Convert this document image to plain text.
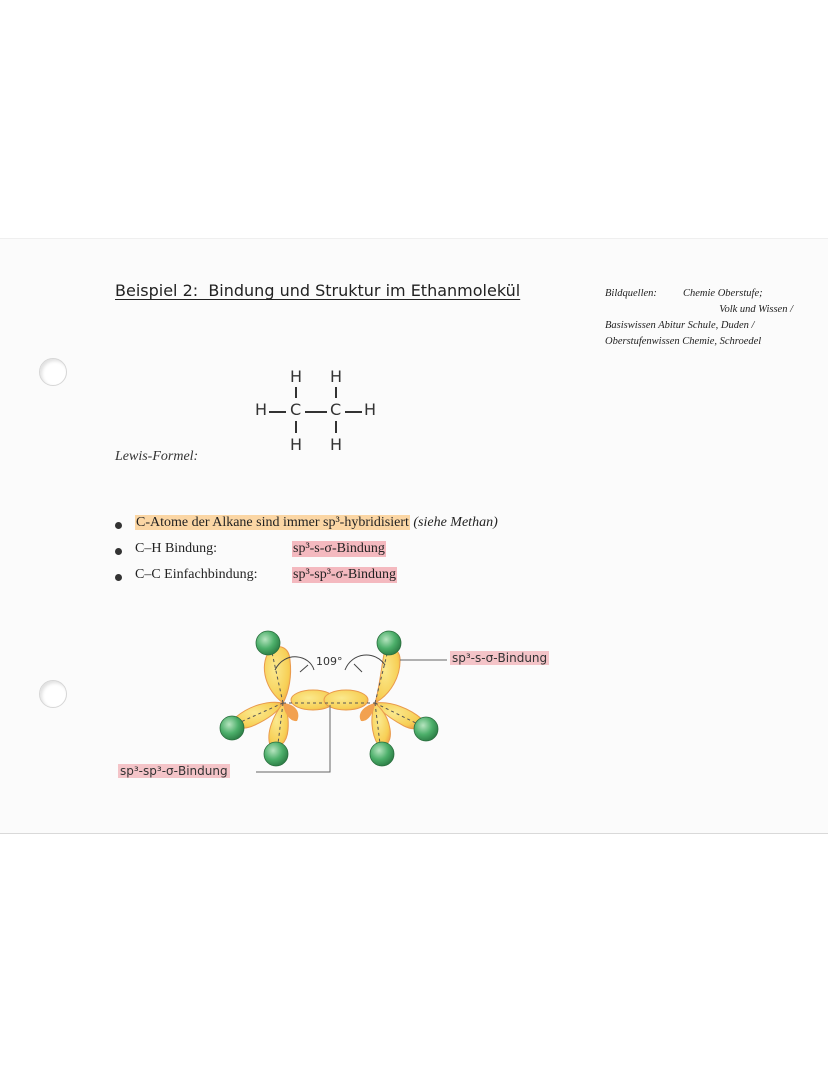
Beispiel 2:  Bindung und Struktur im Ethanmolekül	Bildquellen: Chemie Oberstufe;
Volk und Wissen /
Basiswissen Abitur Schule, Duden /
Oberstufenwissen Chemie, Schroedel
Lewis-Formel:
H H
H C C H
H H
C-Atome der Alkane sind immer sp³-hybridisiert (siehe Methan)
C–H Bindung:	sp³-s-σ-Bindung
C–C Einfachbindung:	sp³-sp³-σ-Bindung
109°	sp³-s-σ-Bindung
sp³-sp³-σ-Bindung
